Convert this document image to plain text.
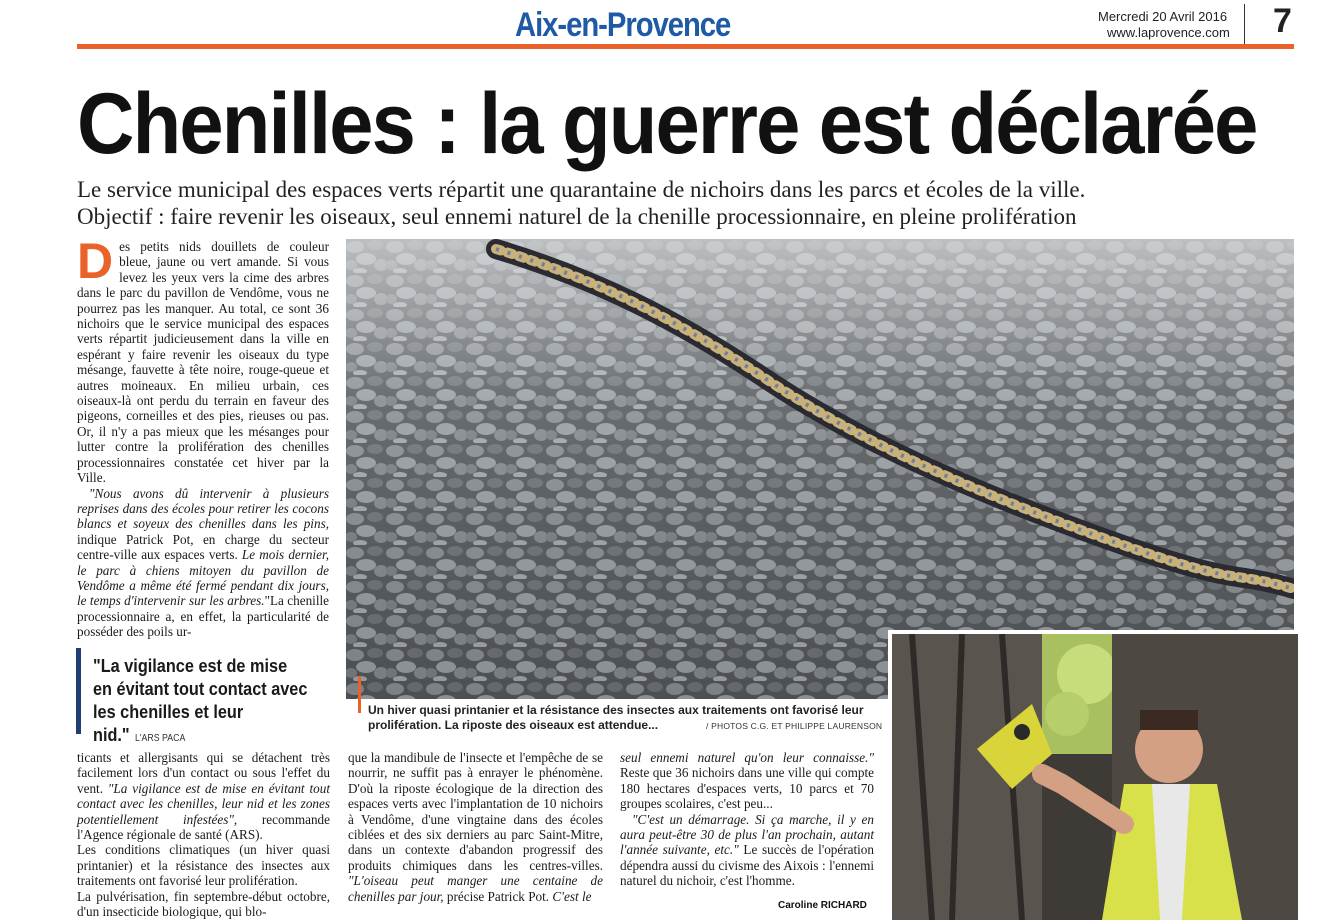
Aix-en-Provence	Mercredi 20 Avril 2016
www.laprovence.com 7
Chenilles : la guerre est déclarée
Le service municipal des espaces verts répartit une quarantaine de nichoirs dans les parcs et écoles de la ville.
Objectif : faire revenir les oiseaux, seul ennemi naturel de la chenille processionnaire, en pleine prolifération

Des petits nids douillets de couleur bleue, jaune ou vert amande. Si vous levez les yeux vers la cime des arbres dans le parc du pavillon de Vendôme, vous ne pourrez pas les manquer. Au total, ce sont 36 nichoirs que le service municipal des espaces verts répartit judicieusement dans la ville en espérant y faire revenir les oiseaux du type mésange, fauvette à tête noire, rouge-queue et autres moineaux. En milieu urbain, ces oiseaux-là ont perdu du terrain en faveur des pigeons, corneilles et des pies, rieuses ou pas. Or, il n'y a pas mieux que les mésanges pour lutter contre la prolifération des chenilles processionnaires constatée cet hiver par la Ville.

"Nous avons dû intervenir à plusieurs reprises dans des écoles pour retirer les cocons blancs et soyeux des chenilles dans les pins, indique Patrick Pot, en charge du secteur centre-ville aux espaces verts. Le mois dernier, le parc à chiens mitoyen du pavillon de Vendôme a même été fermé pendant dix jours, le temps d'intervenir sur les arbres."La chenille processionnaire a, en effet, la particularité de posséder des poils ur-

"La vigilance est de mise en évitant tout contact avec les chenilles et leur nid." L'ARS PACA

ticants et allergisants qui se détachent très facilement lors d'un contact ou sous l'effet du vent. "La vigilance est de mise en évitant tout contact avec les chenilles, leur nid et les zones potentiellement infestées", recommande l'Agence régionale de santé (ARS).

Les conditions climatiques (un hiver quasi printanier) et la résistance des insectes aux traitements ont favorisé leur prolifération.

La pulvérisation, fin septembre-début octobre, d'un insecticide biologique, qui blo-

Un hiver quasi printanier et la résistance des insectes aux traitements ont favorisé leur prolifération. La riposte des oiseaux est attendue...	/ PHOTOS C.G. ET PHILIPPE LAURENSON

que la mandibule de l'insecte et l'empêche de se nourrir, ne suffit pas à enrayer le phénomène. D'où la riposte écologique de la direction des espaces verts avec l'implantation de 10 nichoirs à Vendôme, d'une vingtaine dans des écoles ciblées et des six derniers au parc Saint-Mitre, dans un contexte d'abandon progressif des produits chimiques dans les centres-villes. "L'oiseau peut manger une centaine de chenilles par jour, précise Patrick Pot. C'est le

seul ennemi naturel qu'on leur connaisse." Reste que 36 nichoirs dans une ville qui compte 180 hectares d'espaces verts, 10 parcs et 70 groupes scolaires, c'est peu...

"C'est un démarrage. Si ça marche, il y en aura peut-être 30 de plus l'an prochain, autant l'année suivante, etc." Le succès de l'opération dépendra aussi du civisme des Aixois : l'ennemi naturel du nichoir, c'est l'homme.

Caroline RICHARD
